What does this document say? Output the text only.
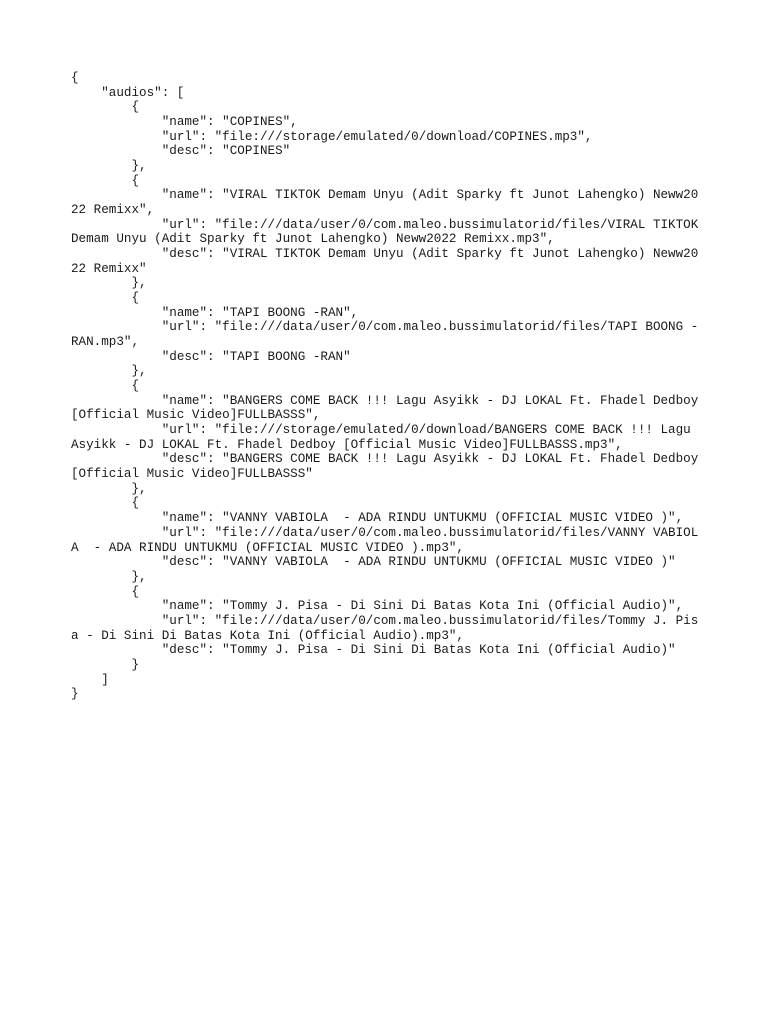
{
"audios": [
{
"name": "COPINES",
"url": "file:///storage/emulated/0/download/COPINES.mp3",
"desc": "COPINES"
},
{
"name": "VIRAL TIKTOK Demam Unyu (Adit Sparky ft Junot Lahengko) Neww2022 Remixx",
"url": "file:///data/user/0/com.maleo.bussimulatorid/files/VIRAL TIKTOK Demam Unyu (Adit Sparky ft Junot Lahengko) Neww2022 Remixx.mp3",
"desc": "VIRAL TIKTOK Demam Unyu (Adit Sparky ft Junot Lahengko) Neww2022 Remixx"
},
{
"name": "TAPI BOONG -RAN",
"url": "file:///data/user/0/com.maleo.bussimulatorid/files/TAPI BOONG -RAN.mp3",
"desc": "TAPI BOONG -RAN"
},
{
"name": "BANGERS COME BACK !!! Lagu Asyikk - DJ LOKAL Ft. Fhadel Dedboy [Official Music Video]FULLBASSS",
"url": "file:///storage/emulated/0/download/BANGERS COME BACK !!! Lagu Asyikk - DJ LOKAL Ft. Fhadel Dedboy [Official Music Video]FULLBASSS.mp3",
"desc": "BANGERS COME BACK !!! Lagu Asyikk - DJ LOKAL Ft. Fhadel Dedboy [Official Music Video]FULLBASSS"
},
{
"name": "VANNY VABIOLA  - ADA RINDU UNTUKMU (OFFICIAL MUSIC VIDEO )",
"url": "file:///data/user/0/com.maleo.bussimulatorid/files/VANNY VABIOLA  - ADA RINDU UNTUKMU (OFFICIAL MUSIC VIDEO ).mp3",
"desc": "VANNY VABIOLA  - ADA RINDU UNTUKMU (OFFICIAL MUSIC VIDEO )"
},
{
"name": "Tommy J. Pisa - Di Sini Di Batas Kota Ini (Official Audio)",
"url": "file:///data/user/0/com.maleo.bussimulatorid/files/Tommy J. Pisa - Di Sini Di Batas Kota Ini (Official Audio).mp3",
"desc": "Tommy J. Pisa - Di Sini Di Batas Kota Ini (Official Audio)"
}
]
}
